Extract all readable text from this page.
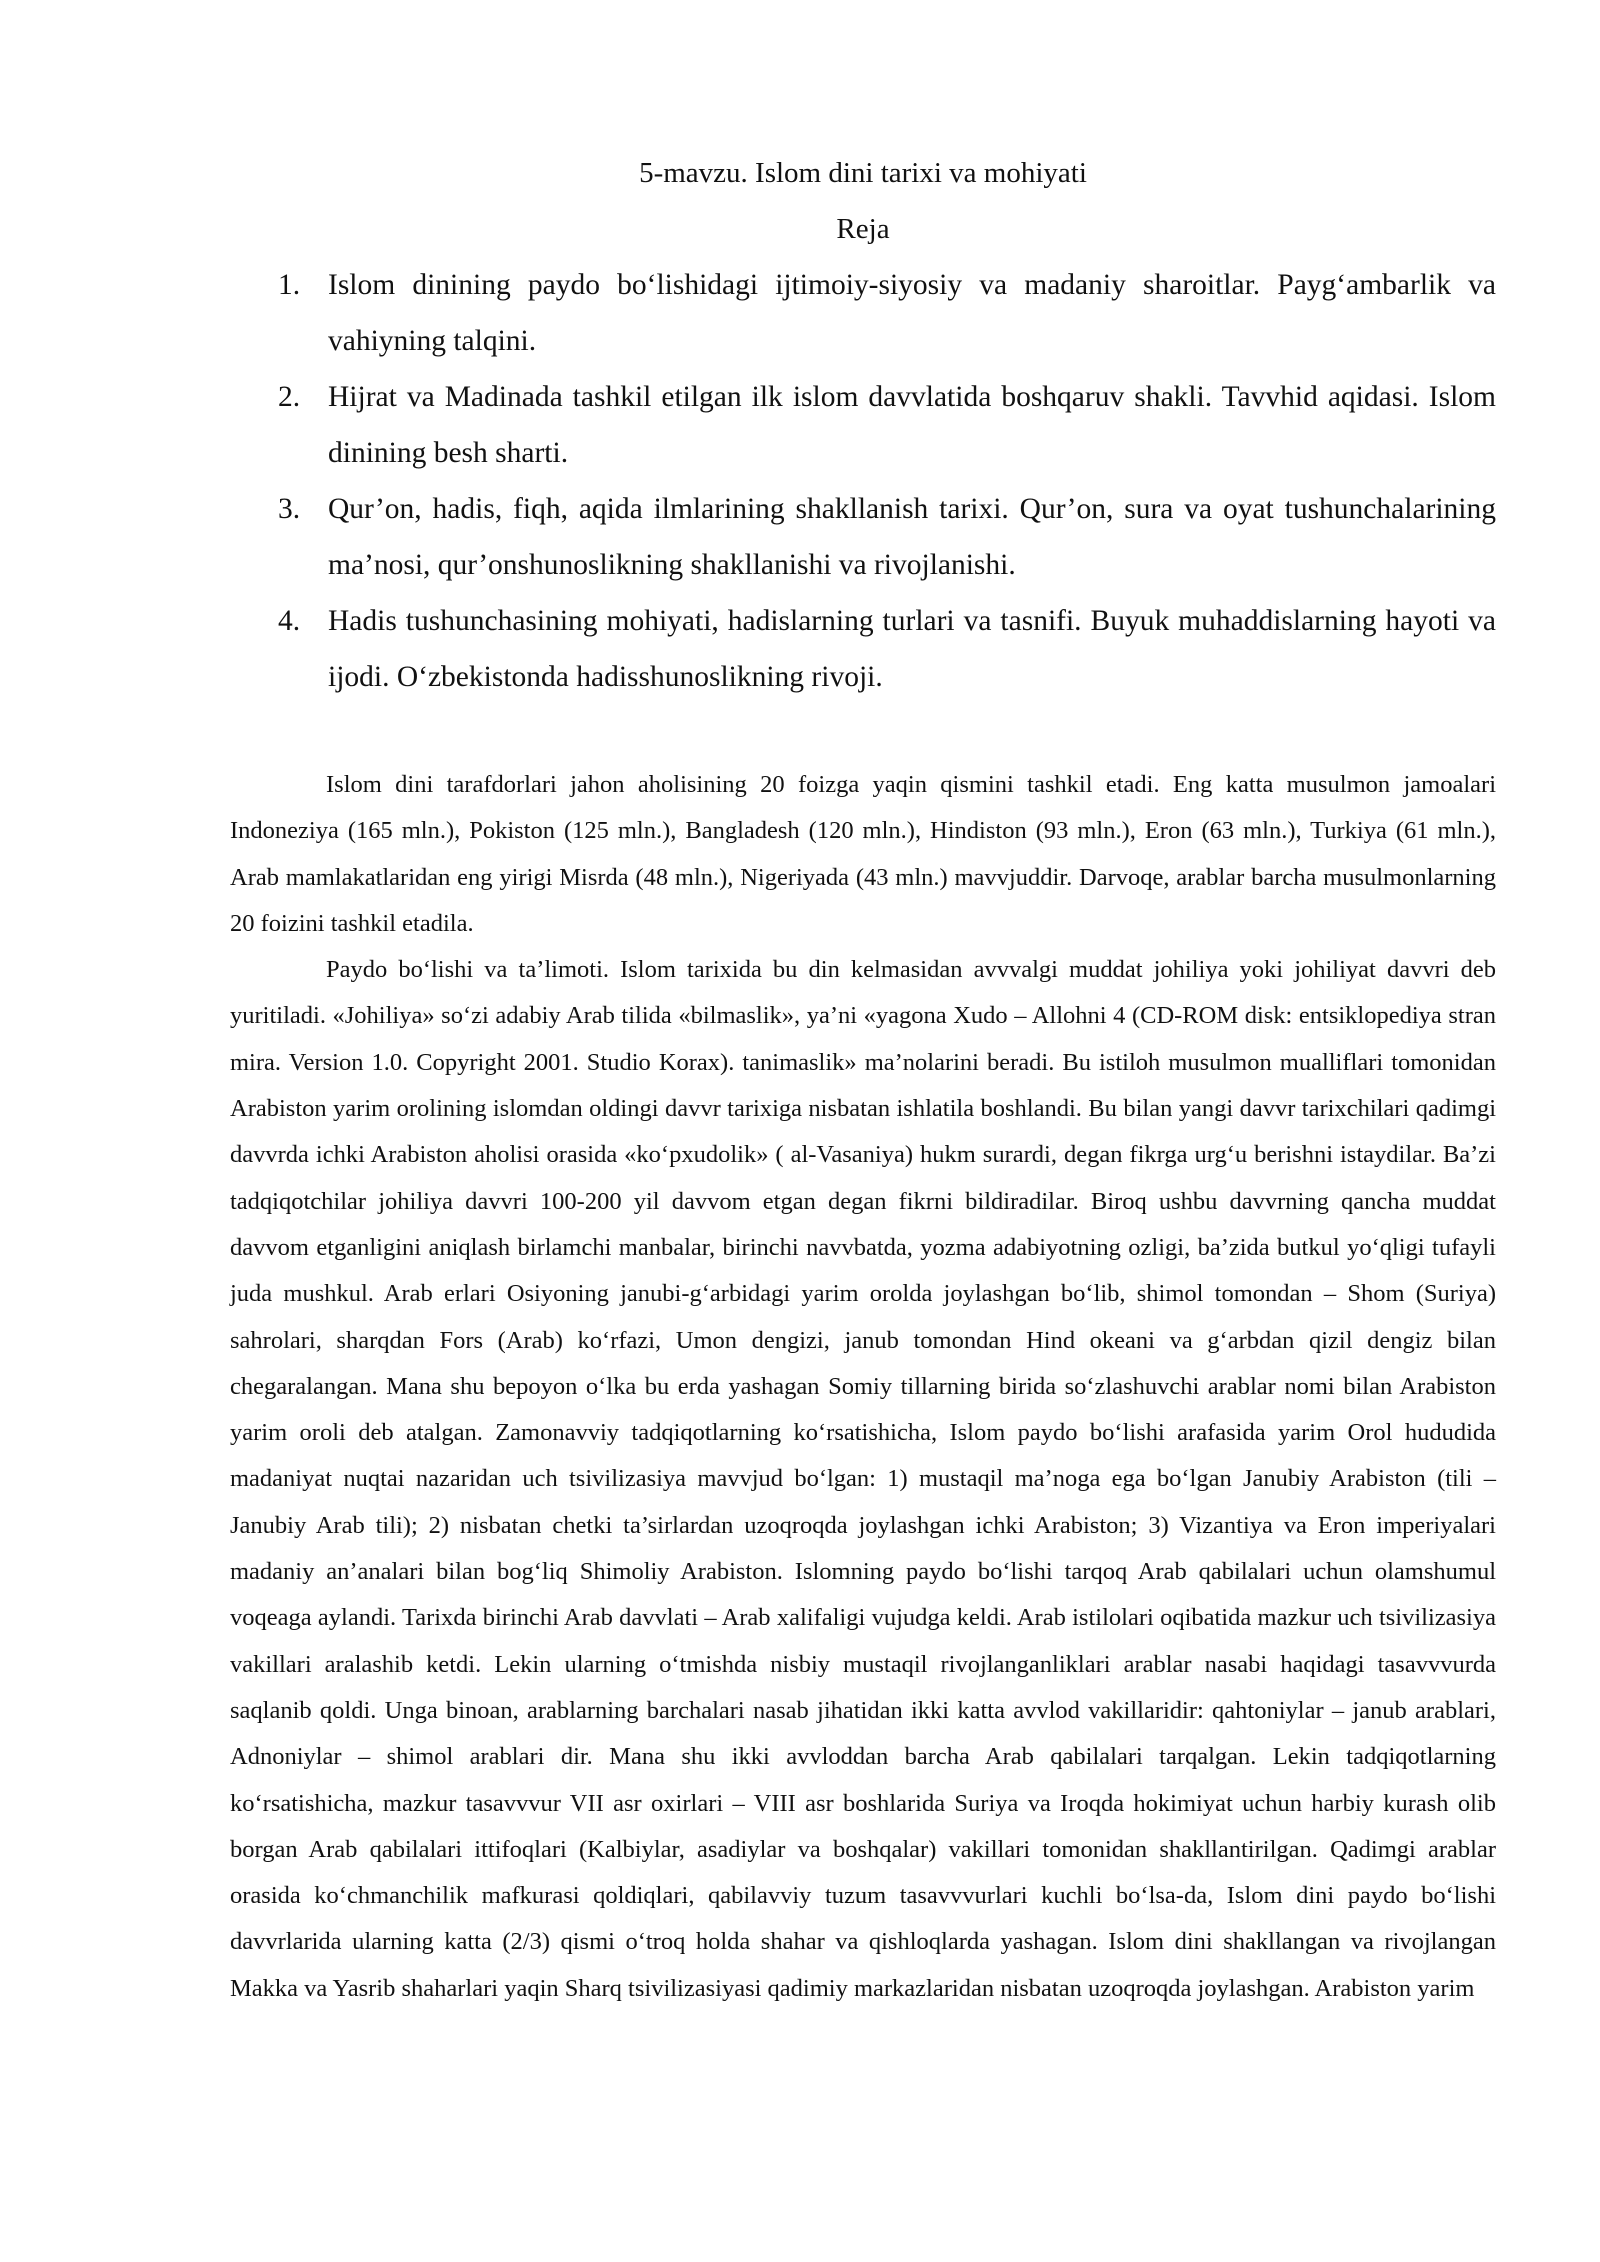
5-mavzu. Islom dini tarixi va mohiyati
Reja
1. Islom dinining paydo bo‘lishidagi ijtimoiy-siyosiy va madaniy sharoitlar. Payg‘ambarlik va vahiyning talqini.
2. Hijrat va Madinada tashkil etilgan ilk islom davvlatida boshqaruv shakli. Tavvhid aqidasi. Islom dinining besh sharti.
3. Qur’on, hadis, fiqh, aqida ilmlarining shakllanish tarixi. Qur’on, sura va oyat tushunchalarining ma’nosi, qur’onshunoslikning shakllanishi va rivojlanishi.
4. Hadis tushunchasining mohiyati, hadislarning turlari va tasnifi. Buyuk muhaddislarning hayoti va ijodi. O‘zbekistonda hadisshunoslikning rivoji.

Islom dini tarafdorlari jahon aholisining 20 foizga yaqin qismini tashkil etadi. Eng katta musulmon jamoalari Indoneziya (165 mln.), Pokiston (125 mln.), Bangladesh (120 mln.), Hindiston (93 mln.), Eron (63 mln.), Turkiya (61 mln.), Arab mamlakatlaridan eng yirigi Misrda (48 mln.), Nigeriyada (43 mln.) mavvjuddir. Darvoqe, arablar barcha musulmonlarning 20 foizini tashkil etadila.

Paydo bo‘lishi va ta’limoti. Islom tarixida bu din kelmasidan avvvalgi muddat johiliya yoki johiliyat davvri deb yuritiladi. «Johiliya» so‘zi adabiy Arab tilida «bilmaslik», ya’ni «yagona Xudo – Allohni 4 (CD-ROM disk: entsiklopediya stran mira. Version 1.0. Copyright 2001. Studio Korax). tanimaslik» ma’nolarini beradi. Bu istiloh musulmon mualliflari tomonidan Arabiston yarim orolining islomdan oldingi davvr tarixiga nisbatan ishlatila boshlandi. Bu bilan yangi davvr tarixchilari qadimgi davvrda ichki Arabiston aholisi orasida «ko‘pxudolik» ( al-Vasaniya) hukm surardi, degan fikrga urg‘u berishni istaydilar. Ba’zi tadqiqotchilar johiliya davvri 100-200 yil davvom etgan degan fikrni bildiradilar. Biroq ushbu davvrning qancha muddat davvom etganligini aniqlash birlamchi manbalar, birinchi navvbatda, yozma adabiyotning ozligi, ba’zida butkul yo‘qligi tufayli juda mushkul. Arab erlari Osiyoning janubi-g‘arbidagi yarim orolda joylashgan bo‘lib, shimol tomondan – Shom (Suriya) sahrolari, sharqdan Fors (Arab) ko‘rfazi, Umon dengizi, janub tomondan Hind okeani va g‘arbdan qizil dengiz bilan chegaralangan. Mana shu bepoyon o‘lka bu erda yashagan Somiy tillarning birida so‘zlashuvchi arablar nomi bilan Arabiston yarim oroli deb atalgan. Zamonavviy tadqiqotlarning ko‘rsatishicha, Islom paydo bo‘lishi arafasida yarim Orol hududida madaniyat nuqtai nazaridan uch tsivilizasiya mavvjud bo‘lgan: 1) mustaqil ma’noga ega bo‘lgan Janubiy Arabiston (tili – Janubiy Arab tili); 2) nisbatan chetki ta’sirlardan uzoqroqda joylashgan ichki Arabiston; 3) Vizantiya va Eron imperiyalari madaniy an’analari bilan bog‘liq Shimoliy Arabiston. Islomning paydo bo‘lishi tarqoq Arab qabilalari uchun olamshumul voqeaga aylandi. Tarixda birinchi Arab davvlati – Arab xalifaligi vujudga keldi. Arab istilolari oqibatida mazkur uch tsivilizasiya vakillari aralashib ketdi. Lekin ularning o‘tmishda nisbiy mustaqil rivojlanganliklari arablar nasabi haqidagi tasavvvurda saqlanib qoldi. Unga binoan, arablarning barchalari nasab jihatidan ikki katta avvlod vakillaridir: qahtoniylar – janub arablari, Adnoniylar – shimol arablari dir. Mana shu ikki avvloddan barcha Arab qabilalari tarqalgan. Lekin tadqiqotlarning ko‘rsatishicha, mazkur tasavvvur VII asr oxirlari – VIII asr boshlarida Suriya va Iroqda hokimiyat uchun harbiy kurash olib borgan Arab qabilalari ittifoqlari (Kalbiylar, asadiylar va boshqalar) vakillari tomonidan shakllantirilgan. Qadimgi arablar orasida ko‘chmanchilik mafkurasi qoldiqlari, qabilavviy tuzum tasavvvurlari kuchli bo‘lsa-da, Islom dini paydo bo‘lishi davvrlarida ularning katta (2/3) qismi o‘troq holda shahar va qishloqlarda yashagan. Islom dini shakllangan va rivojlangan Makka va Yasrib shaharlari yaqin Sharq tsivilizasiyasi qadimiy markazlaridan nisbatan uzoqroqda joylashgan. Arabiston yarim
